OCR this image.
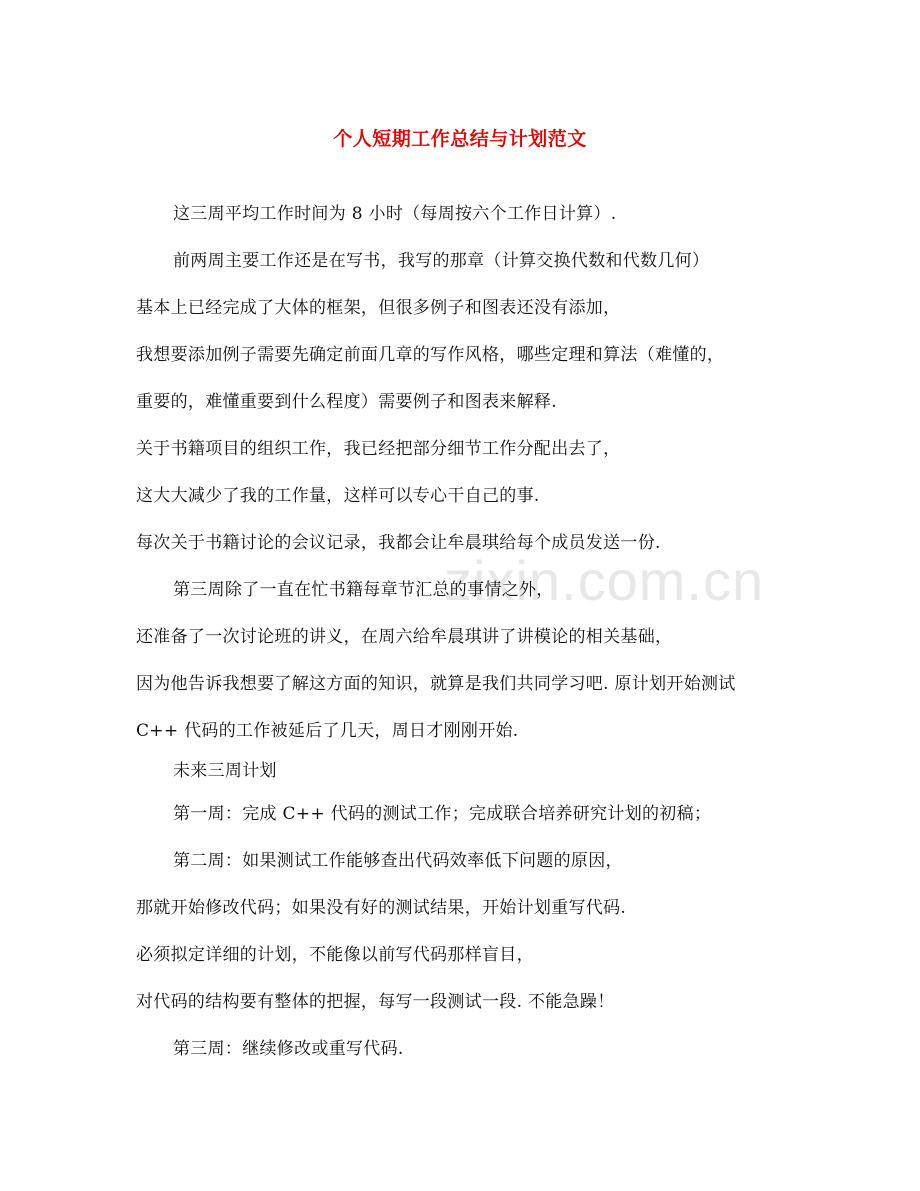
个人短期工作总结与计划范文
zixin.com.cn
这三周平均工作时间为 8 小时（每周按六个工作日计算）.
前两周主要工作还是在写书，我写的那章（计算交换代数和代数几何）
基本上已经完成了大体的框架，但很多例子和图表还没有添加，
我想要添加例子需要先确定前面几章的写作风格，哪些定理和算法（难懂的，
重要的，难懂重要到什么程度）需要例子和图表来解释.
关于书籍项目的组织工作，我已经把部分细节工作分配出去了，
这大大减少了我的工作量，这样可以专心干自己的事.
每次关于书籍讨论的会议记录，我都会让牟晨琪给每个成员发送一份.
第三周除了一直在忙书籍每章节汇总的事情之外，
还准备了一次讨论班的讲义，在周六给牟晨琪讲了讲模论的相关基础，
因为他告诉我想要了解这方面的知识，就算是我们共同学习吧. 原计划开始测试
C++ 代码的工作被延后了几天，周日才刚刚开始.
未来三周计划
第一周：完成 C++ 代码的测试工作；完成联合培养研究计划的初稿；
第二周：如果测试工作能够查出代码效率低下问题的原因，
那就开始修改代码；如果没有好的测试结果，开始计划重写代码.
必须拟定详细的计划，不能像以前写代码那样盲目，
对代码的结构要有整体的把握，每写一段测试一段. 不能急躁！
第三周：继续修改或重写代码.
